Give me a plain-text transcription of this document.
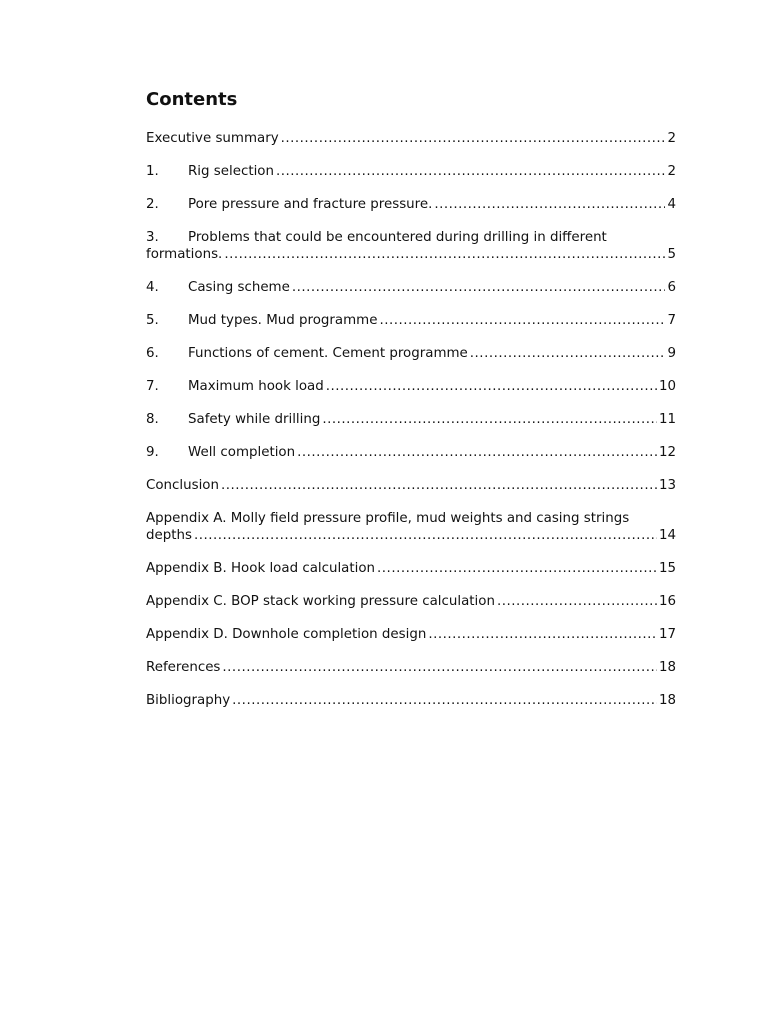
Contents
Executive summary .....	2
1.	Rig selection .....	2
2.	Pore pressure and fracture pressure. .....	4
3. Problems that could be encountered during drilling in different
formations. .....	5
4.	Casing scheme .....	6
5.	Mud types. Mud programme .....	7
6.	Functions of cement. Cement programme .....	9
7.	Maximum hook load .....	10
8.	Safety while drilling .....	11
9.	Well completion .....	12
Conclusion .....	13
Appendix A. Molly field pressure profile, mud weights and casing strings
depths .....	14
Appendix B. Hook load calculation .....	15
Appendix C. BOP stack working pressure calculation .....	16
Appendix D. Downhole completion design .....	17
References .....	18
Bibliography .....	18
